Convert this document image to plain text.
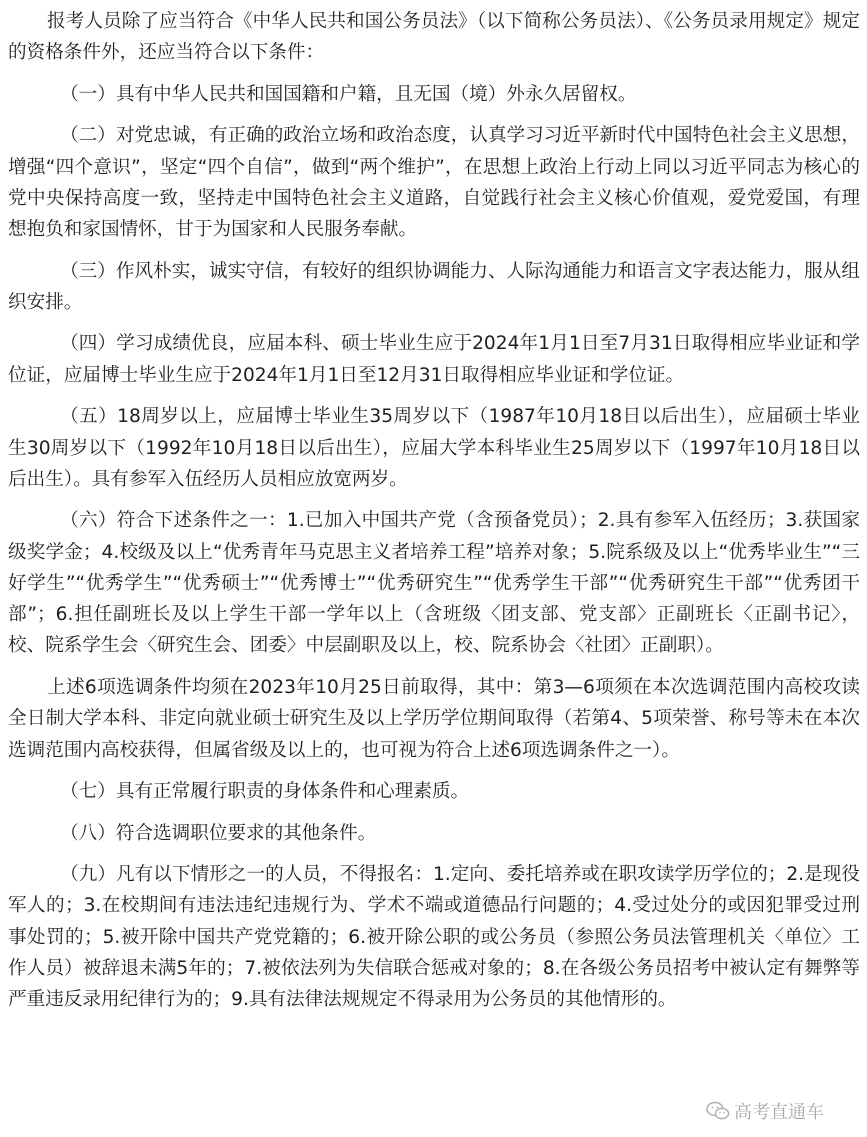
报考人员除了应当符合《中华人民共和国公务员法》（以下简称公务员法）、《公务员录用规定》规定的资格条件外，还应当符合以下条件：

（一）具有中华人民共和国国籍和户籍，且无国（境）外永久居留权。

（二）对党忠诚，有正确的政治立场和政治态度，认真学习习近平新时代中国特色社会主义思想，增强“四个意识”，坚定“四个自信”，做到“两个维护”，在思想上政治上行动上同以习近平同志为核心的党中央保持高度一致，坚持走中国特色社会主义道路，自觉践行社会主义核心价值观，爱党爱国，有理想抱负和家国情怀，甘于为国家和人民服务奉献。

（三）作风朴实，诚实守信，有较好的组织协调能力、人际沟通能力和语言文字表达能力，服从组织安排。

（四）学习成绩优良，应届本科、硕士毕业生应于2024年1月1日至7月31日取得相应毕业证和学位证，应届博士毕业生应于2024年1月1日至12月31日取得相应毕业证和学位证。

（五）18周岁以上，应届博士毕业生35周岁以下（1987年10月18日以后出生），应届硕士毕业生30周岁以下（1992年10月18日以后出生），应届大学本科毕业生25周岁以下（1997年10月18日以后出生）。具有参军入伍经历人员相应放宽两岁。

（六）符合下述条件之一：1.已加入中国共产党（含预备党员）；2.具有参军入伍经历；3.获国家级奖学金；4.校级及以上“优秀青年马克思主义者培养工程”培养对象；5.院系级及以上“优秀毕业生”“三好学生”“优秀学生”“优秀硕士”“优秀博士”“优秀研究生”“优秀学生干部”“优秀研究生干部”“优秀团干部”；6.担任副班长及以上学生干部一学年以上（含班级〈团支部、党支部〉正副班长〈正副书记〉，校、院系学生会〈研究生会、团委〉中层副职及以上，校、院系协会〈社团〉正副职）。

上述6项选调条件均须在2023年10月25日前取得，其中：第3—6项须在本次选调范围内高校攻读全日制大学本科、非定向就业硕士研究生及以上学历学位期间取得（若第4、5项荣誉、称号等未在本次选调范围内高校获得，但属省级及以上的，也可视为符合上述6项选调条件之一）。

（七）具有正常履行职责的身体条件和心理素质。

（八）符合选调职位要求的其他条件。

（九）凡有以下情形之一的人员，不得报名：1.定向、委托培养或在职攻读学历学位的；2.是现役军人的；3.在校期间有违法违纪违规行为、学术不端或道德品行问题的；4.受过处分的或因犯罪受过刑事处罚的；5.被开除中国共产党党籍的；6.被开除公职的或公务员（参照公务员法管理机关〈单位〉工作人员）被辞退未满5年的；7.被依法列为失信联合惩戒对象的；8.在各级公务员招考中被认定有舞弊等严重违反录用纪律行为的；9.具有法律法规规定不得录用为公务员的其他情形的。

高考直通车
